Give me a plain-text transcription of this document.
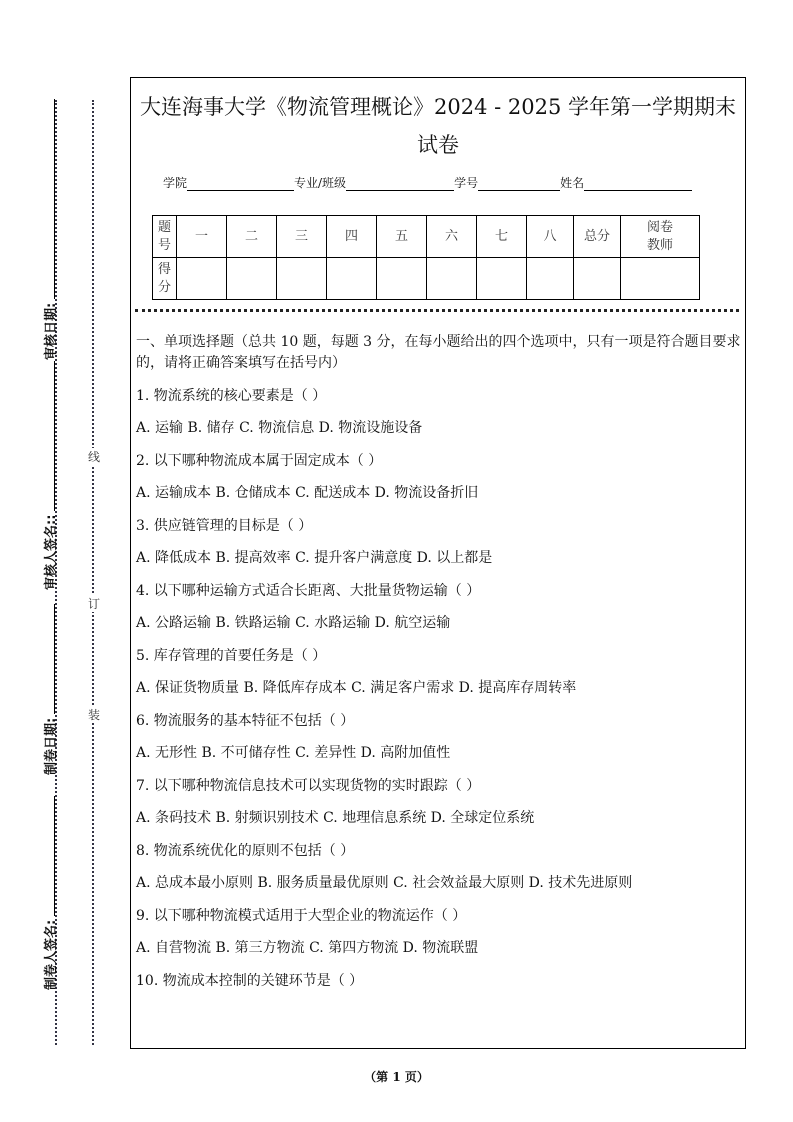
审核日期:
审核人签名::
制卷日期:
制卷人签名:
线
订
装
大连海事大学《物流管理概论》2024 - 2025 学年第一学期期末试卷
学院	专业/班级	学号	姓名
题号	一	二	三	四	五	六	七	八	总分	阅卷教师
得分										

一、单项选择题（总共 10 题，每题 3 分，在每小题给出的四个选项中，只有一项是符合题目要求的，请将正确答案填写在括号内）

1. 物流系统的核心要素是（ ）

A. 运输 B. 储存 C. 物流信息 D. 物流设施设备

2. 以下哪种物流成本属于固定成本（ ）

A. 运输成本 B. 仓储成本 C. 配送成本 D. 物流设备折旧

3. 供应链管理的目标是（ ）

A. 降低成本 B. 提高效率 C. 提升客户满意度 D. 以上都是

4. 以下哪种运输方式适合长距离、大批量货物运输（ ）

A. 公路运输 B. 铁路运输 C. 水路运输 D. 航空运输

5. 库存管理的首要任务是（ ）

A. 保证货物质量 B. 降低库存成本 C. 满足客户需求 D. 提高库存周转率

6. 物流服务的基本特征不包括（ ）

A. 无形性 B. 不可储存性 C. 差异性 D. 高附加值性

7. 以下哪种物流信息技术可以实现货物的实时跟踪（ ）

A. 条码技术 B. 射频识别技术 C. 地理信息系统 D. 全球定位系统

8. 物流系统优化的原则不包括（ ）

A. 总成本最小原则 B. 服务质量最优原则 C. 社会效益最大原则 D. 技术先进原则

9. 以下哪种物流模式适用于大型企业的物流运作（ ）

A. 自营物流 B. 第三方物流 C. 第四方物流 D. 物流联盟

10. 物流成本控制的关键环节是（ ）

（第 1 页）
